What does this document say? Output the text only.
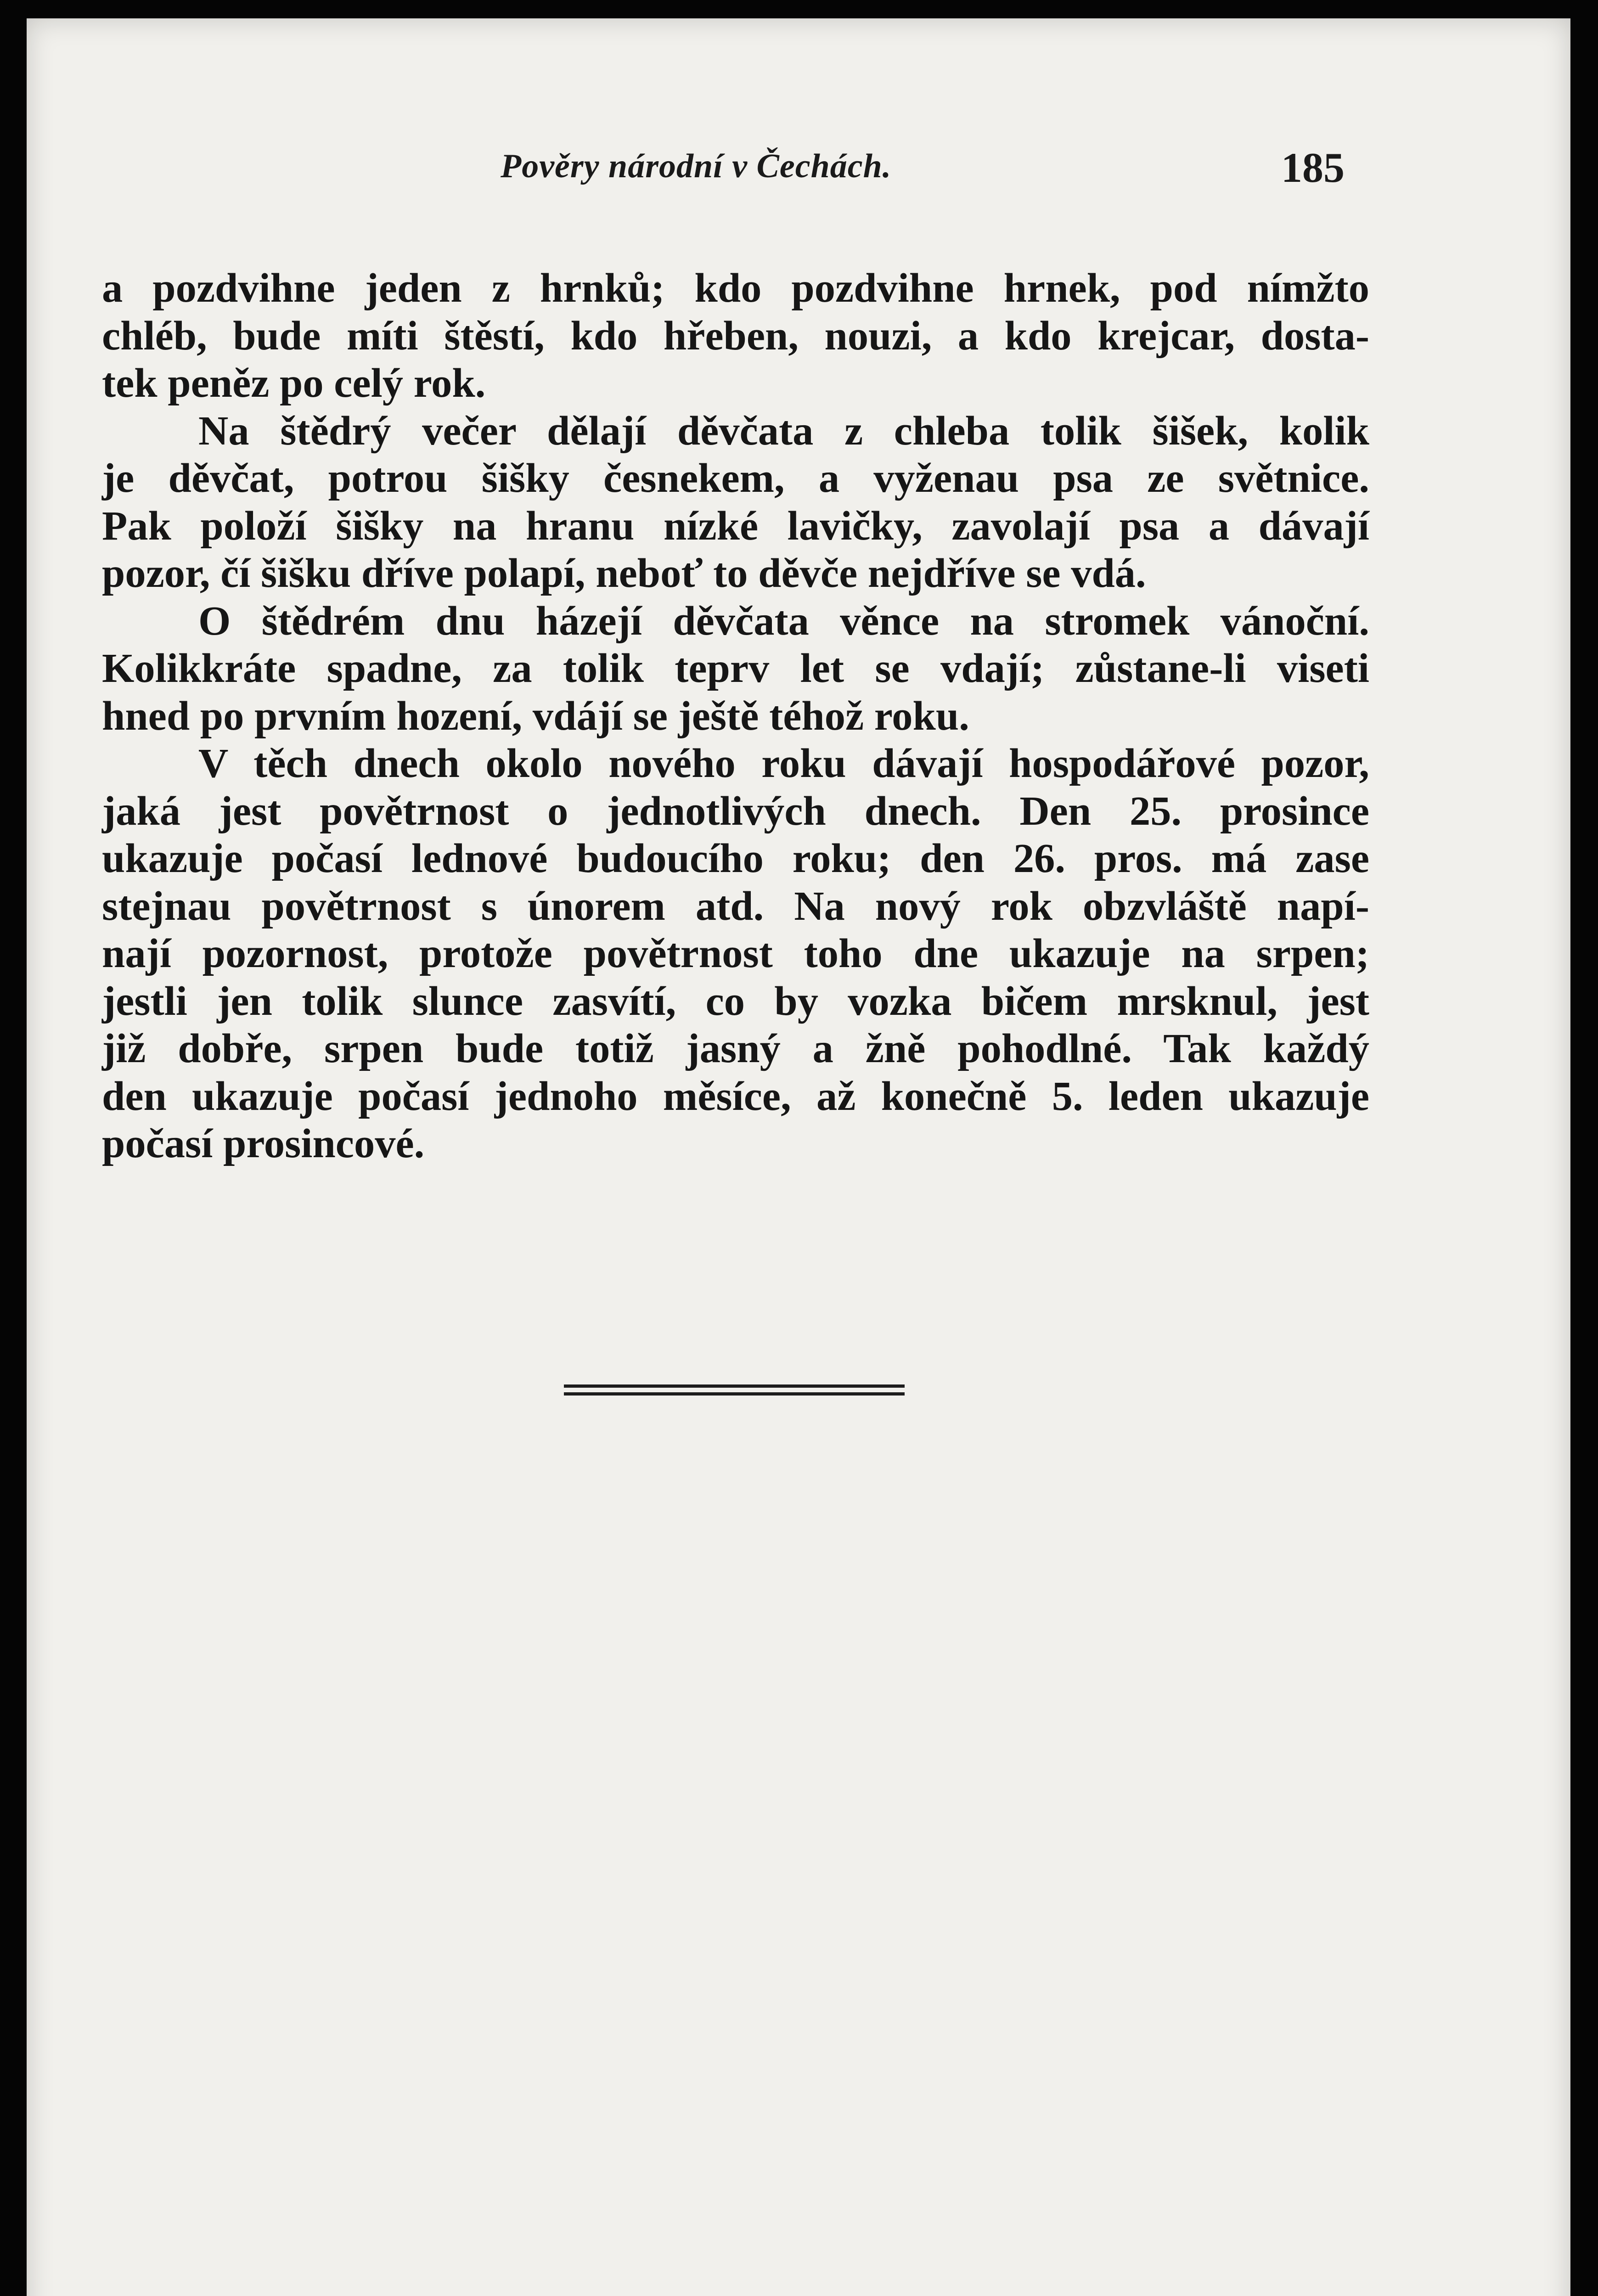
Pověry národní v Čechách.	185
a pozdvihne jeden z hrnků; kdo pozdvihne hrnek, pod nímžto
chléb, bude míti štěstí, kdo hřeben, nouzi, a kdo krejcar, dosta-
tek peněz po celý rok.
Na štědrý večer dělají děvčata z chleba tolik šišek, kolik
je děvčat, potrou šišky česnekem, a vyženau psa ze světnice.
Pak položí šišky na hranu nízké lavičky, zavolají psa a dávají
pozor, čí šišku dříve polapí, neboť to děvče nejdříve se vdá.
O štědrém dnu házejí děvčata věnce na stromek vánoční.
Kolikkráte spadne, za tolik teprv let se vdají; zůstane-li viseti
hned po prvním hození, vdájí se ještě téhož roku.
V těch dnech okolo nového roku dávají hospodářové pozor,
jaká jest povětrnost o jednotlivých dnech. Den 25. prosince
ukazuje počasí lednové budoucího roku; den 26. pros. má zase
stejnau povětrnost s únorem atd. Na nový rok obzvláště napí-
nají pozornost, protože povětrnost toho dne ukazuje na srpen;
jestli jen tolik slunce zasvítí, co by vozka bičem mrsknul, jest
již dobře, srpen bude totiž jasný a žně pohodlné. Tak každý
den ukazuje počasí jednoho měsíce, až konečně 5. leden ukazuje
počasí prosincové.
